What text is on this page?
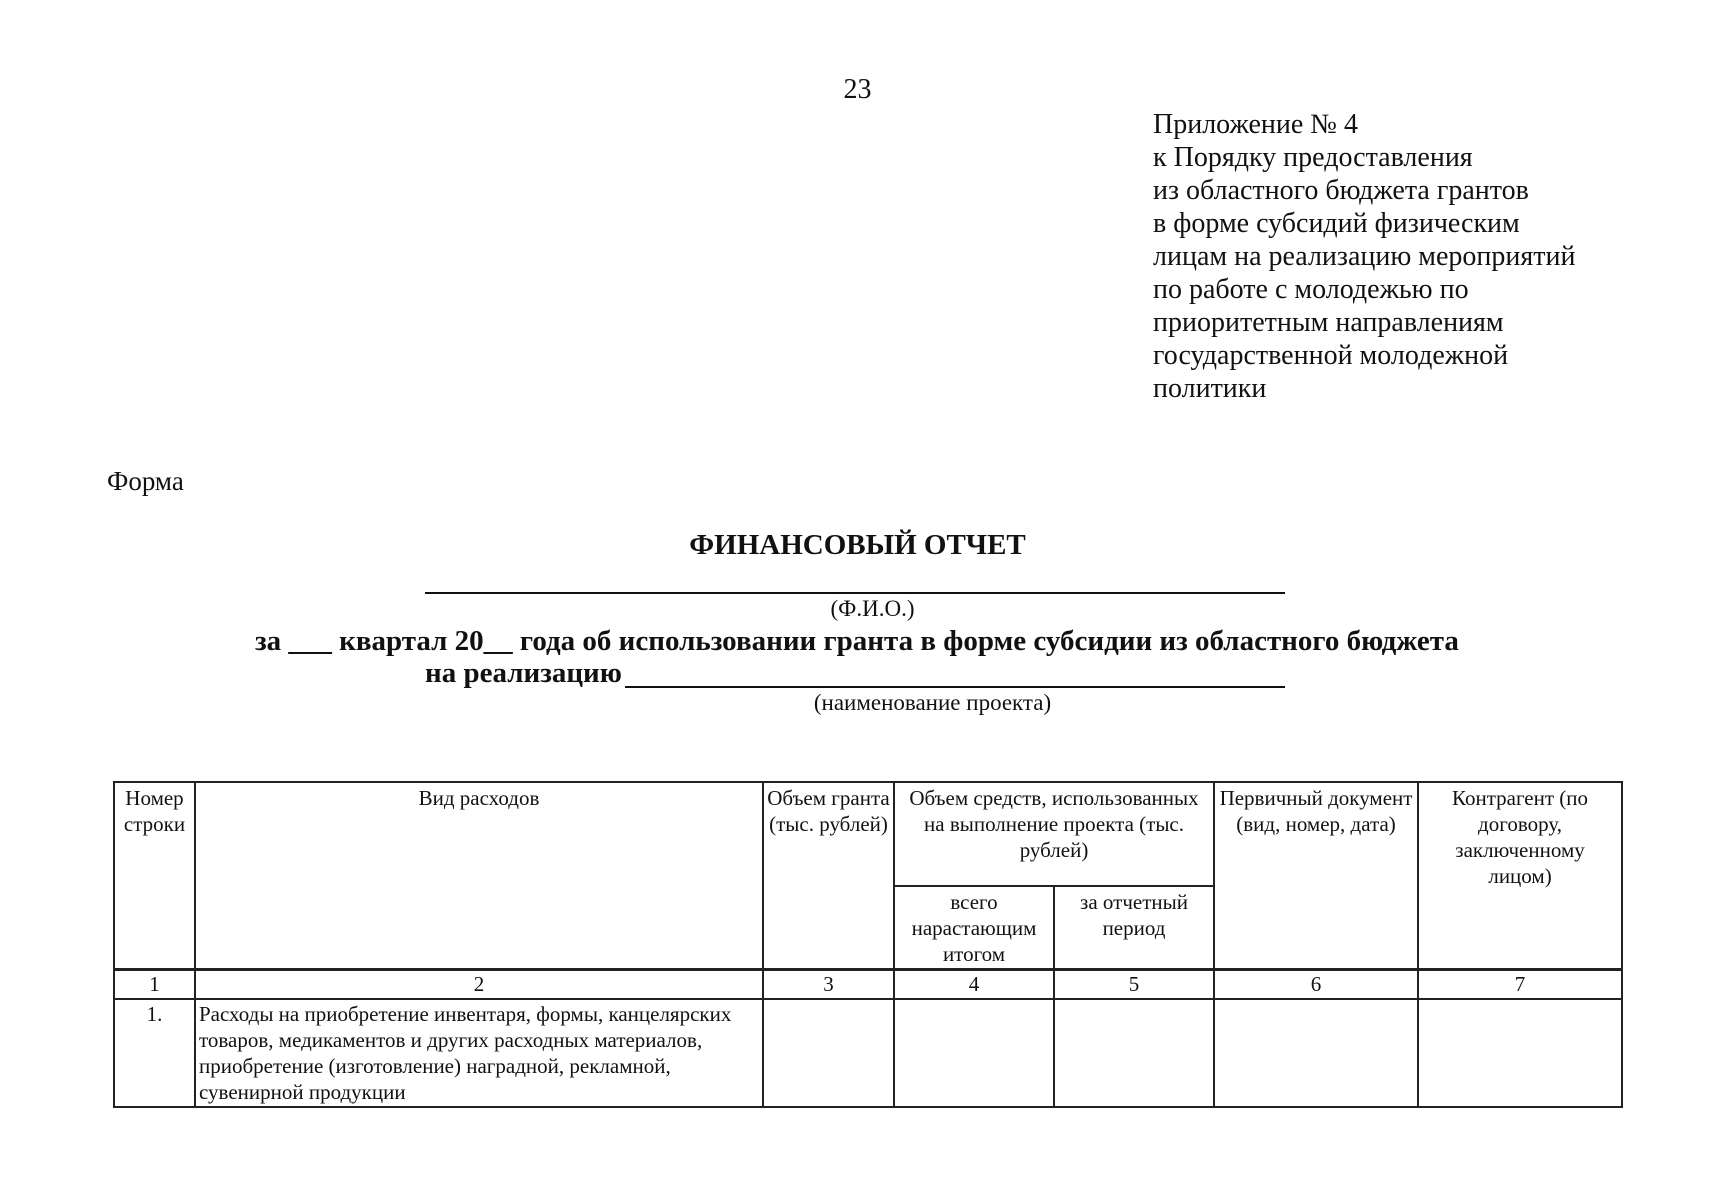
23
Приложение № 4
к Порядку предоставления
из областного бюджета грантов
в форме субсидий физическим
лицам на реализацию мероприятий
по работе с молодежью по
приоритетным направлениям
государственной молодежной
политики
Форма
ФИНАНСОВЫЙ ОТЧЕТ
(Ф.И.О.)
за ___ квартал 20__ года об использовании гранта в форме субсидии из областного бюджета
на реализацию
(наименование проекта)
Номер строки	Вид расходов	Объем гранта (тыс. рублей)	Объем средств, использованных на выполнение проекта (тыс. рублей)		Первичный документ (вид, номер, дата)	Контрагент (по договору, заключенному лицом)
			всего нарастающим итогом	за отчетный период		
1	2	3	4	5	6	7
1.	Расходы на приобретение инвентаря, формы, канцелярских товаров, медикаментов и других расходных материалов, приобретение (изготовление) наградной, рекламной, сувенирной продукции					
